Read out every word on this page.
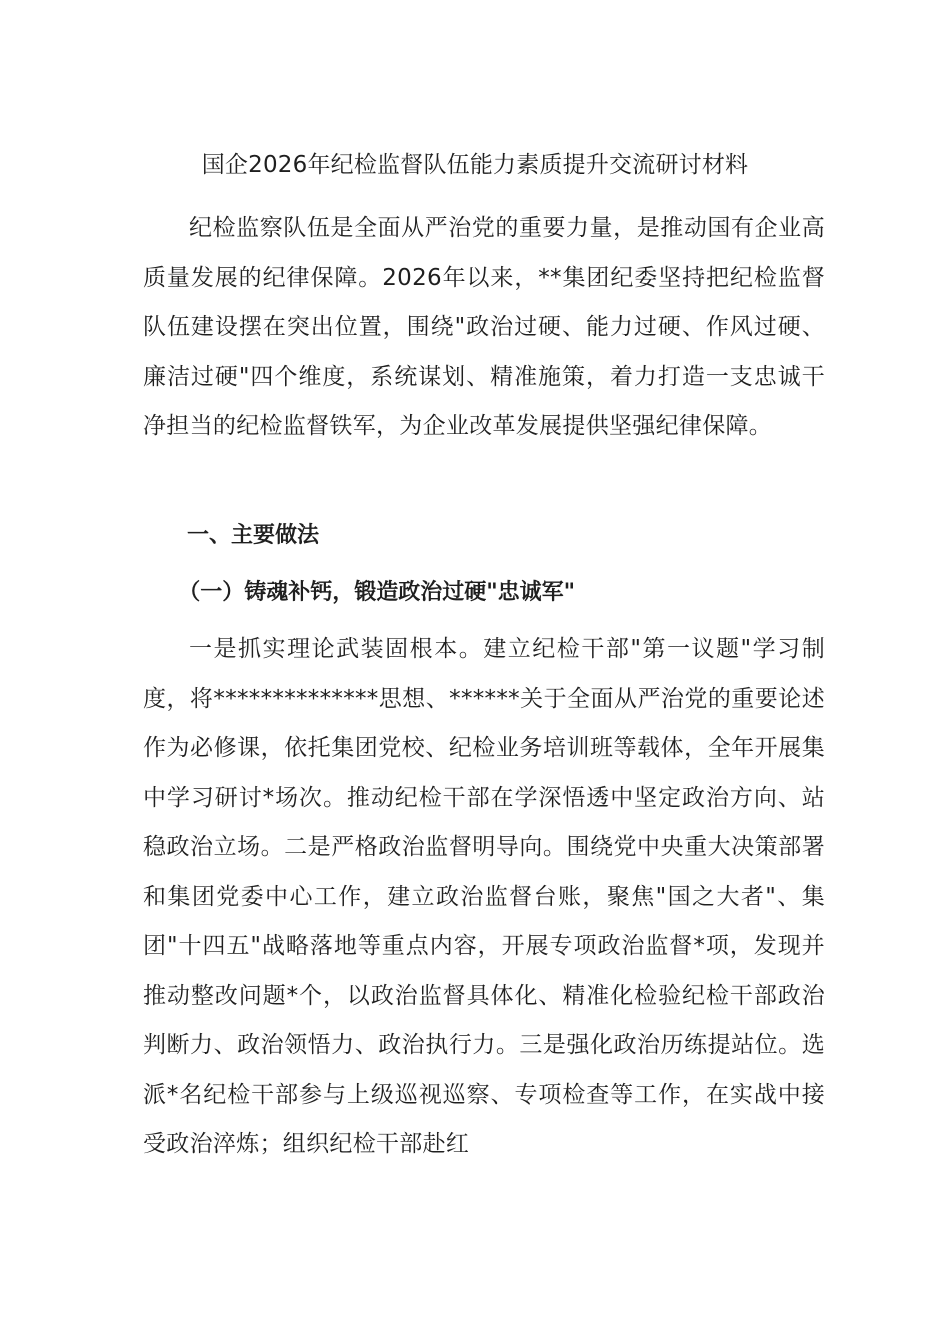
国企2026年纪检监督队伍能力素质提升交流研讨材料

纪检监察队伍是全面从严治党的重要力量，是推动国有企业高质量发展的纪律保障。2026年以来，**集团纪委坚持把纪检监督队伍建设摆在突出位置，围绕"政治过硬、能力过硬、作风过硬、廉洁过硬"四个维度，系统谋划、精准施策，着力打造一支忠诚干净担当的纪检监督铁军，为企业改革发展提供坚强纪律保障。

一、主要做法

（一）铸魂补钙，锻造政治过硬"忠诚军"

一是抓实理论武装固根本。建立纪检干部"第一议题"学习制度，将**************思想、******关于全面从严治党的重要论述作为必修课，依托集团党校、纪检业务培训班等载体，全年开展集中学习研讨*场次。推动纪检干部在学深悟透中坚定政治方向、站稳政治立场。二是严格政治监督明导向。围绕党中央重大决策部署和集团党委中心工作，建立政治监督台账，聚焦"国之大者"、集团"十四五"战略落地等重点内容，开展专项政治监督*项，发现并推动整改问题*个，以政治监督具体化、精准化检验纪检干部政治判断力、政治领悟力、政治执行力。三是强化政治历练提站位。选派*名纪检干部参与上级巡视巡察、专项检查等工作，在实战中接受政治淬炼；组织纪检干部赴红
